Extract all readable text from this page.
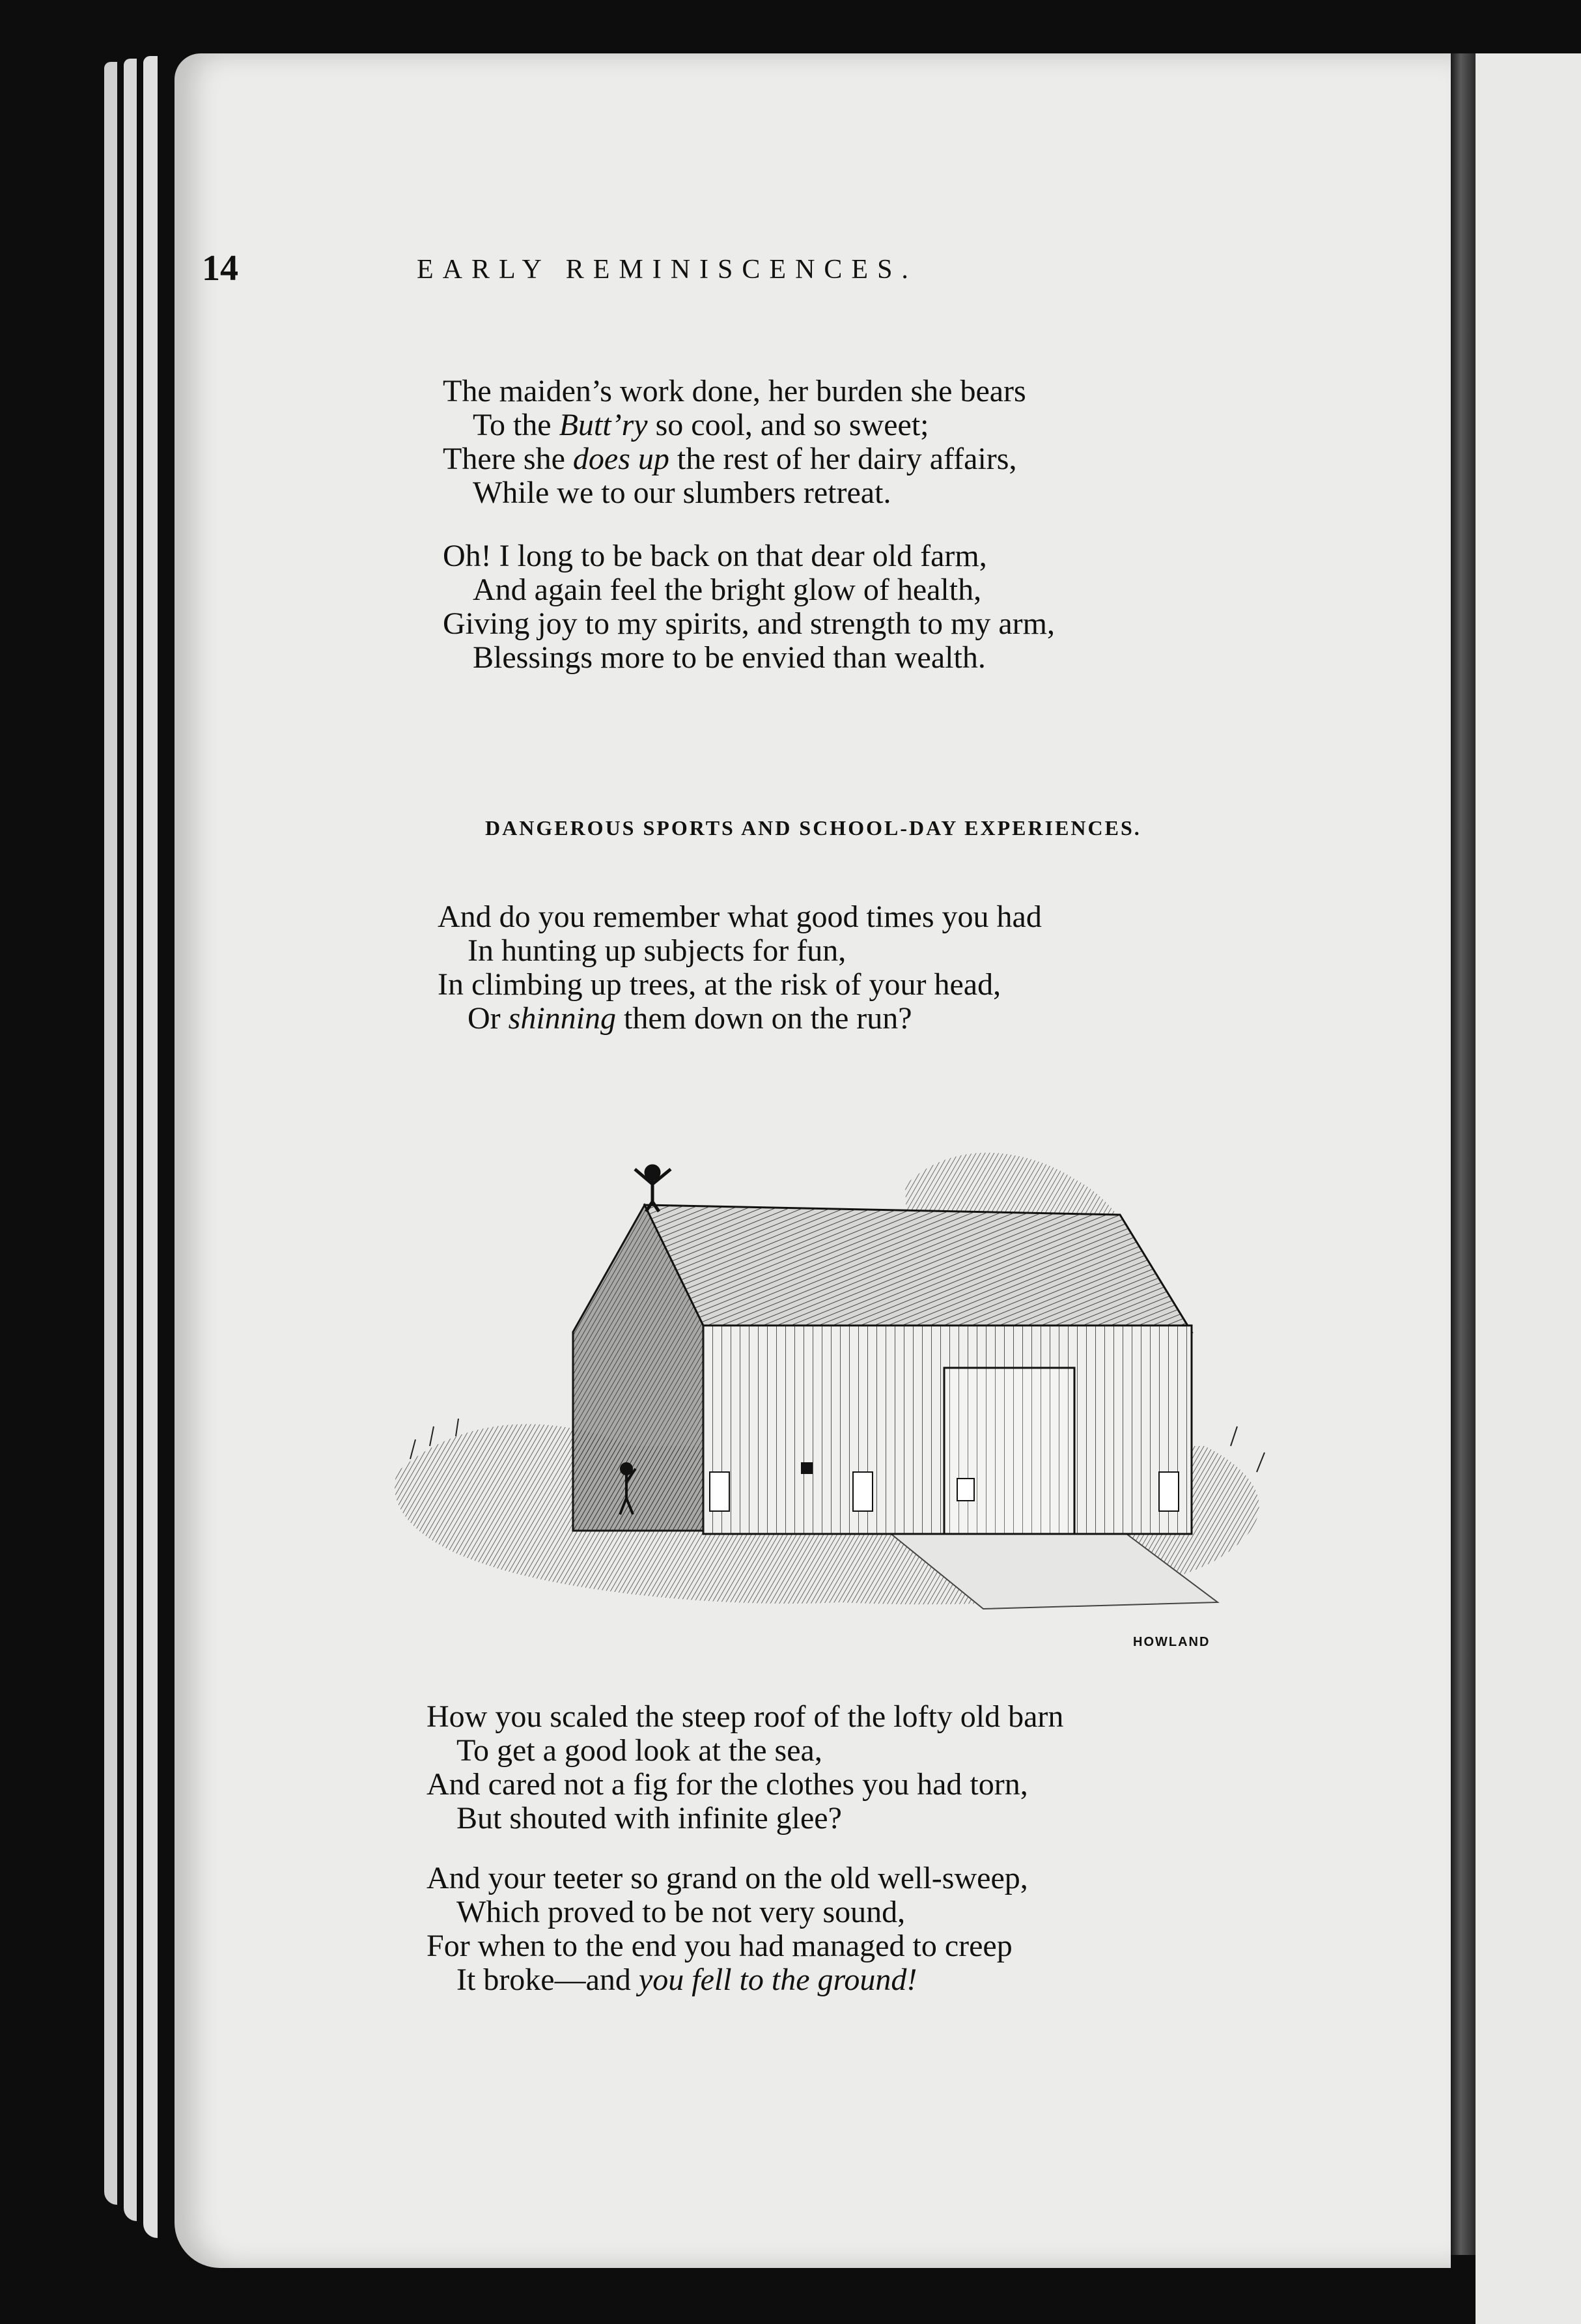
14	EARLY REMINISCENCES.
The maiden’s work done, her burden she bears
To the Butt’ry so cool, and so sweet;
There she does up the rest of her dairy affairs,
While we to our slumbers retreat.
Oh! I long to be back on that dear old farm,
And again feel the bright glow of health,
Giving joy to my spirits, and strength to my arm,
Blessings more to be envied than wealth.
DANGEROUS SPORTS AND SCHOOL-DAY EXPERIENCES.
And do you remember what good times you had
In hunting up subjects for fun,
In climbing up trees, at the risk of your head,
Or shinning them down on the run?
HOWLAND
How you scaled the steep roof of the lofty old barn
To get a good look at the sea,
And cared not a fig for the clothes you had torn,
But shouted with infinite glee?
And your teeter so grand on the old well-sweep,
Which proved to be not very sound,
For when to the end you had managed to creep
It broke—and you fell to the ground!
